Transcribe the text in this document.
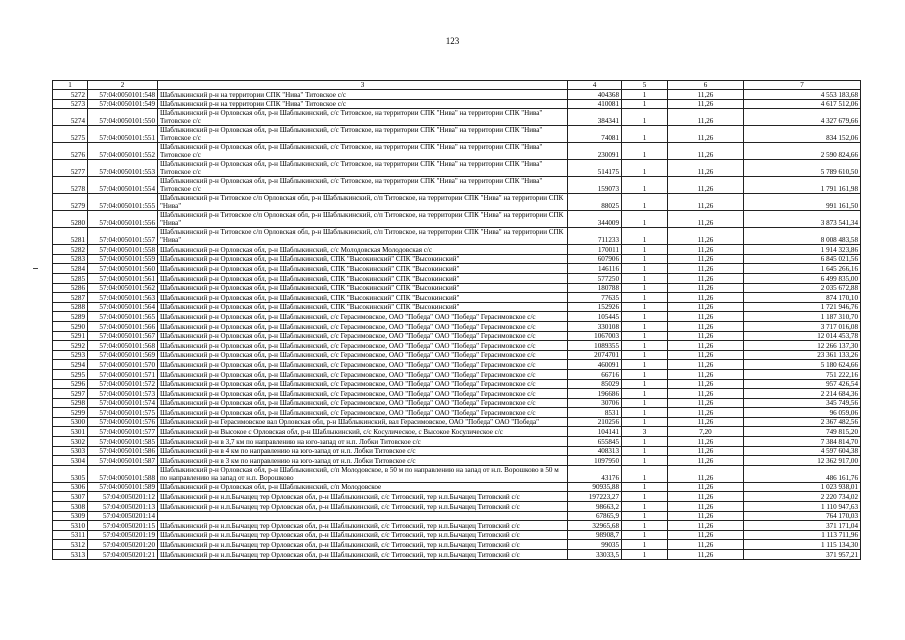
123
1	2	3	4	5	6	7
5272	57:04:0050101:548	Шаблыкинский р-н на территории СПК "Нива" Титовское с/с	404368	1	11,26	4 553 183,68
5273	57:04:0050101:549	Шаблыкинский р-н на территории СПК "Нива" Титовское с/с	410081	1	11,26	4 617 512,06
5274	57:04:0050101:550	Шаблыкинский р-н Орловская обл, р-н Шаблыкинский, с/с Титовское, на территории СПК "Нива" на территории СПК "Нива" Титовское с/с	384341	1	11,26	4 327 679,66
5275	57:04:0050101:551	Шаблыкинский р-н Орловская обл, р-н Шаблыкинский, с/с Титовское, на территории СПК "Нива" на территории СПК "Нива" Титовское с/с	74081	1	11,26	834 152,06
5276	57:04:0050101:552	Шаблыкинский р-н Орловская обл, р-н Шаблыкинский, с/с Титовское, на территории СПК "Нива" на территории СПК "Нива" Титовское с/с	230091	1	11,26	2 590 824,66
5277	57:04:0050101:553	Шаблыкинский р-н Орловская обл, р-н Шаблыкинский, с/с Титовское, на территории СПК "Нива" на территории СПК "Нива" Титовское с/с	514175	1	11,26	5 789 610,50
5278	57:04:0050101:554	Шаблыкинский р-н Орловская обл, р-н Шаблыкинский, с/с Титовское, на территории СПК "Нива" на территории СПК "Нива" Титовское с/с	159073	1	11,26	1 791 161,98
5279	57:04:0050101:555	Шаблыкинский р-н Титовское с/п Орловская обл, р-н Шаблыкинский, с/п Титовское, на территории СПК "Нива" на территории СПК "Нива"	88025	1	11,26	991 161,50
5280	57:04:0050101:556	Шаблыкинский р-н Титовское с/п Орловская обл, р-н Шаблыкинский, с/п Титовское, на территории СПК "Нива" на территории СПК "Нива"	344009	1	11,26	3 873 541,34
5281	57:04:0050101:557	Шаблыкинский р-н Титовское с/п Орловская обл, р-н Шаблыкинский, с/п Титовское, на территории СПК "Нива" на территории СПК "Нива"	711233	1	11,26	8 008 483,58
5282	57:04:0050101:558	Шаблыкинский р-н Орловская обл, р-н Шаблыкинский, с/с Молодовская Молодовская с/с	170011	1	11,26	1 914 323,86
5283	57:04:0050101:559	Шаблыкинский р-н Орловская обл, р-н Шаблыкинский, СПК "Высокинский" СПК "Высокинский"	607906	1	11,26	6 845 021,56
5284	57:04:0050101:560	Шаблыкинский р-н Орловская обл, р-н Шаблыкинский, СПК "Высокинский" СПК "Высокинский"	146116	1	11,26	1 645 266,16
5285	57:04:0050101:561	Шаблыкинский р-н Орловская обл, р-н Шаблыкинский, СПК "Высокинский" СПК "Высокинский"	577250	1	11,26	6 499 835,00
5286	57:04:0050101:562	Шаблыкинский р-н Орловская обл, р-н Шаблыкинский, СПК "Высокинский" СПК "Высокинский"	180788	1	11,26	2 035 672,88
5287	57:04:0050101:563	Шаблыкинский р-н Орловская обл, р-н Шаблыкинский, СПК "Высокинский" СПК "Высокинский"	77635	1	11,26	874 170,10
5288	57:04:0050101:564	Шаблыкинский р-н Орловская обл, р-н Шаблыкинский, СПК "Высокинский" СПК "Высокинский"	152926	1	11,26	1 721 946,76
5289	57:04:0050101:565	Шаблыкинский р-н Орловская обл, р-н Шаблыкинский, с/с Герасимовское, ОАО "Победа" ОАО "Победа" Герасимовское с/с	105445	1	11,26	1 187 310,70
5290	57:04:0050101:566	Шаблыкинский р-н Орловская обл, р-н Шаблыкинский, с/с Герасимовское, ОАО "Победа" ОАО "Победа" Герасимовское с/с	330108	1	11,26	3 717 016,08
5291	57:04:0050101:567	Шаблыкинский р-н Орловская обл, р-н Шаблыкинский, с/с Герасимовское, ОАО "Победа" ОАО "Победа" Герасимовское с/с	1067003	1	11,26	12 014 453,78
5292	57:04:0050101:568	Шаблыкинский р-н Орловская обл, р-н Шаблыкинский, с/с Герасимовское, ОАО "Победа" ОАО "Победа" Герасимовское с/с	1089355	1	11,26	12 266 137,30
5293	57:04:0050101:569	Шаблыкинский р-н Орловская обл, р-н Шаблыкинский, с/с Герасимовское, ОАО "Победа" ОАО "Победа" Герасимовское с/с	2074701	1	11,26	23 361 133,26
5294	57:04:0050101:570	Шаблыкинский р-н Орловская обл, р-н Шаблыкинский, с/с Герасимовское, ОАО "Победа" ОАО "Победа" Герасимовское с/с	460091	1	11,26	5 180 624,66
5295	57:04:0050101:571	Шаблыкинский р-н Орловская обл, р-н Шаблыкинский, с/с Герасимовское, ОАО "Победа" ОАО "Победа" Герасимовское с/с	66716	1	11,26	751 222,16
5296	57:04:0050101:572	Шаблыкинский р-н Орловская обл, р-н Шаблыкинский, с/с Герасимовское, ОАО "Победа" ОАО "Победа" Герасимовское с/с	85029	1	11,26	957 426,54
5297	57:04:0050101:573	Шаблыкинский р-н Орловская обл, р-н Шаблыкинский, с/с Герасимовское, ОАО "Победа" ОАО "Победа" Герасимовское с/с	196686	1	11,26	2 214 684,36
5298	57:04:0050101:574	Шаблыкинский р-н Орловская обл, р-н Шаблыкинский, с/с Герасимовское, ОАО "Победа" ОАО "Победа" Герасимовское с/с	30706	1	11,26	345 749,56
5299	57:04:0050101:575	Шаблыкинский р-н Орловская обл, р-н Шаблыкинский, с/с Герасимовское, ОАО "Победа" ОАО "Победа" Герасимовское с/с	8531	1	11,26	96 059,06
5300	57:04:0050101:576	Шаблыкинский р-н Герасимовское вал Орловская обл, р-н Шаблыкинский, вал Герасимовское, ОАО "Победа" ОАО "Победа"	210256	1	11,26	2 367 482,56
5301	57:04:0050101:577	Шаблыкинский р-н Высокое с Орловская обл, р-н Шаблыкинский, с/с Косулическое, с Высокое Косулическое с/с	104141	3	7,20	749 815,20
5302	57:04:0050101:585	Шаблыкинский р-н в 3,7 км по направлению на юго-запад от н.п. Лобки Титовское с/с	655845	1	11,26	7 384 814,70
5303	57:04:0050101:586	Шаблыкинский р-н в 4 км по направлению на юго-запад от н.п. Лобки Титовское с/с	408313	1	11,26	4 597 604,38
5304	57:04:0050101:587	Шаблыкинский р-н в 3 км по направлению на юго-запад от н.п. Лобки Титовское с/с	1097950	1	11,26	12 362 917,00
5305	57:04:0050101:588	Шаблыкинский р-н Орловская обл, р-н Шаблыкинский, с/п Молодовское, в 50 м по направлению на запад от н.п. Ворошково в 50 м по направлению на запад от н.п. Ворошково	43176	1	11,26	486 161,76
5306	57:04:0050101:589	Шаблыкинский р-н Орловская обл, р-н Шаблыкинский, с/п Молодовское	90935,88	1	11,26	1 023 938,01
5307	57:04:0050201:12	Шаблыкинский р-н н.п.Бычацец тер Орловская обл, р-н Шаблыкинский, с/с Титовский, тер н.п.Бычацец Титовский с/с	197223,27	1	11,26	2 220 734,02
5308	57:04:0050201:13	Шаблыкинский р-н н.п.Бычацец тер Орловская обл, р-н Шаблыкинский, с/с Титовский, тер н.п.Бычацец Титовский с/с	98663,2	1	11,26	1 110 947,63
5309	57:04:0050201:14		67865,9	1	11,26	764 170,03
5310	57:04:0050201:15	Шаблыкинский р-н н.п.Бычацец тер Орловская обл, р-н Шаблыкинский, с/с Титовский, тер н.п.Бычацец Титовский с/с	32965,68	1	11,26	371 171,04
5311	57:04:0050201:19	Шаблыкинский р-н н.п.Бычацец тер Орловская обл, р-н Шаблыкинский, с/с Титовский, тер н.п.Бычацец Титовский с/с	98908,7	1	11,26	1 113 711,96
5312	57:04:0050201:20	Шаблыкинский р-н н.п.Бычацец тер Орловская обл, р-н Шаблыкинский, с/с Титовский, тер н.п.Бычацец Титовский с/с	99035	1	11,26	1 115 134,30
5313	57:04:0050201:21	Шаблыкинский р-н н.п.Бычацец тер Орловская обл, р-н Шаблыкинский, с/с Титовский, тер н.п.Бычацец Титовский с/с	33033,5	1	11,26	371 957,21
